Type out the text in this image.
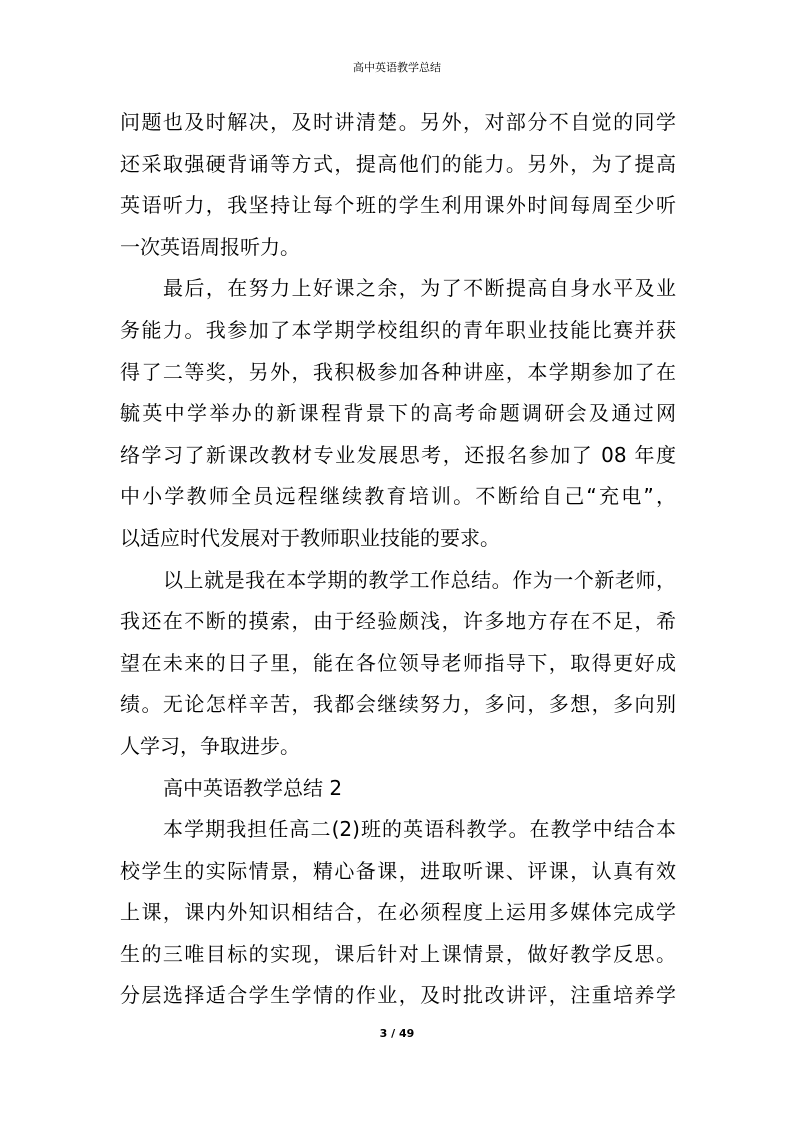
高中英语教学总结
问题也及时解决，及时讲清楚。另外，对部分不自觉的同学
还采取强硬背诵等方式，提高他们的能力。另外，为了提高
英语听力，我坚持让每个班的学生利用课外时间每周至少听
一次英语周报听力。
最后，在努力上好课之余，为了不断提高自身水平及业
务能力。我参加了本学期学校组织的青年职业技能比赛并获
得了二等奖，另外，我积极参加各种讲座，本学期参加了在
毓英中学举办的新课程背景下的高考命题调研会及通过网
络学习了新课改教材专业发展思考，还报名参加了 08 年度
中小学教师全员远程继续教育培训。不断给自己“充电”，
以适应时代发展对于教师职业技能的要求。
以上就是我在本学期的教学工作总结。作为一个新老师，
我还在不断的摸索，由于经验颇浅，许多地方存在不足，希
望在未来的日子里，能在各位领导老师指导下，取得更好成
绩。无论怎样辛苦，我都会继续努力，多问，多想，多向别
人学习，争取进步。
高中英语教学总结 2
本学期我担任高二(2)班的英语科教学。在教学中结合本
校学生的实际情景，精心备课，进取听课、评课，认真有效
上课，课内外知识相结合，在必须程度上运用多媒体完成学
生的三唯目标的实现，课后针对上课情景，做好教学反思。
分层选择适合学生学情的作业，及时批改讲评，注重培养学
3 / 49
